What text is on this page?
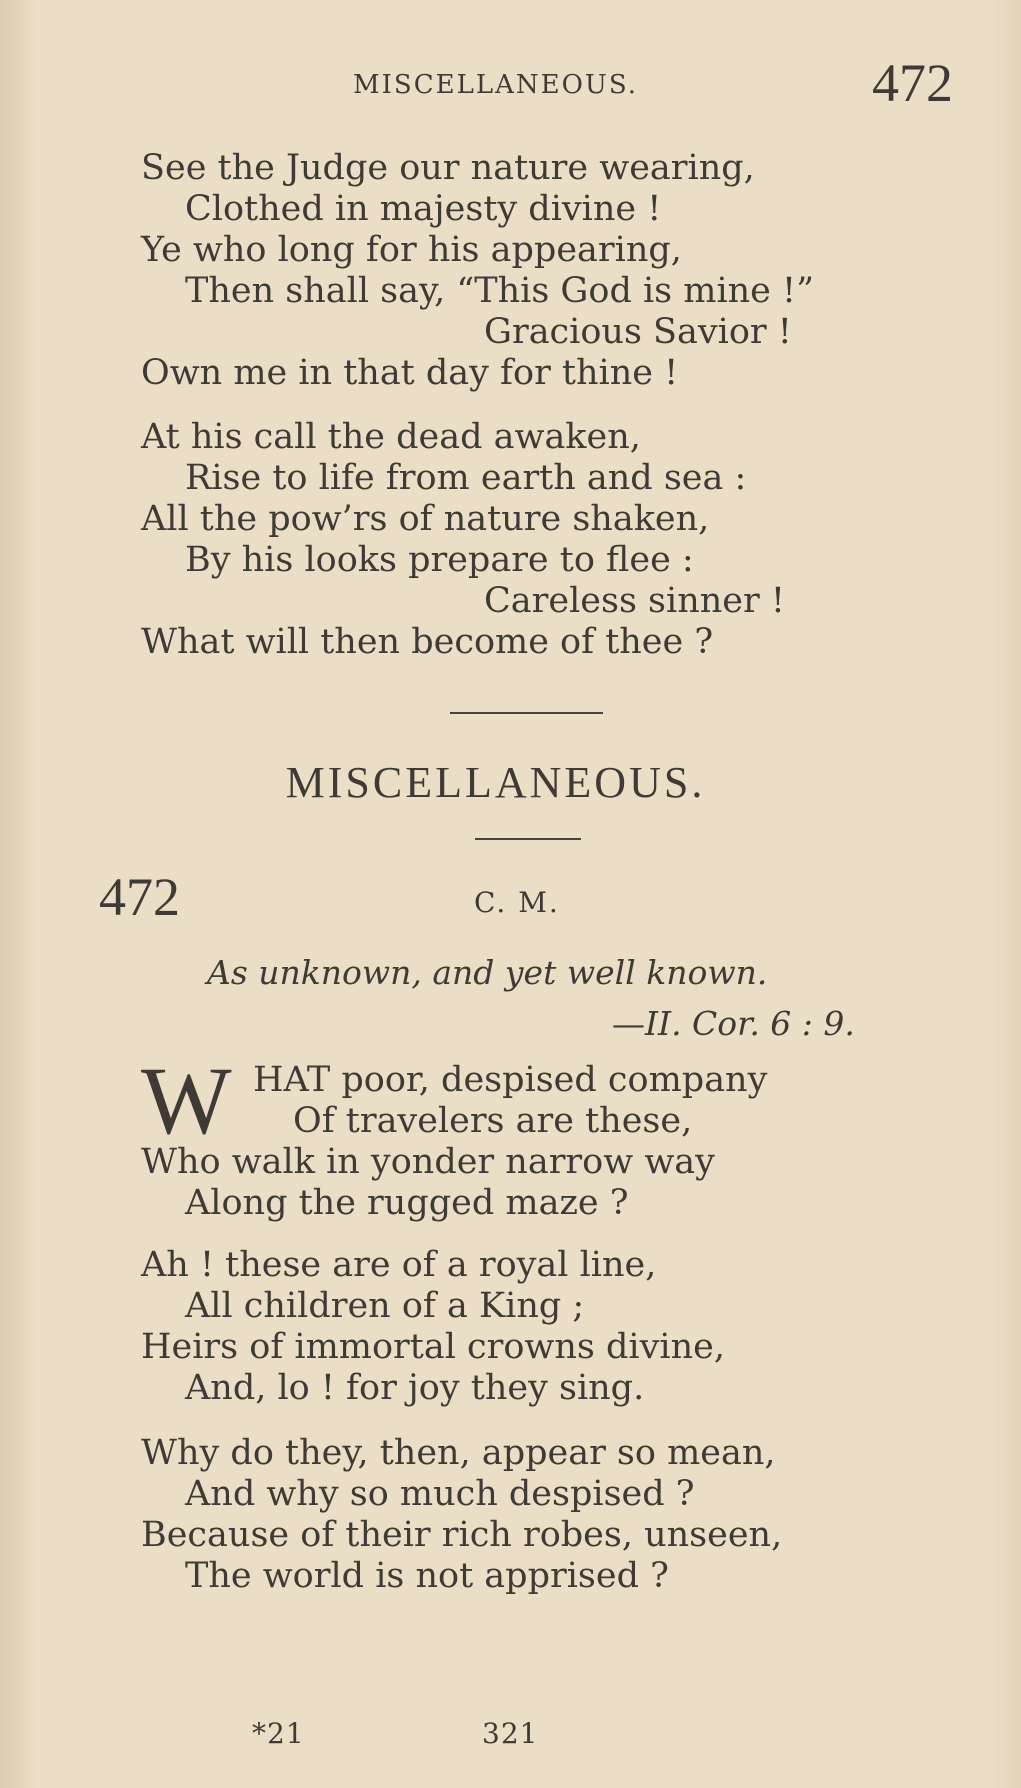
MISCELLANEOUS.	472
See the Judge our nature wearing,
Clothed in majesty divine !
Ye who long for his appearing,
Then shall say, “This God is mine !”
Gracious Savior !
Own me in that day for thine !
At his call the dead awaken,
Rise to life from earth and sea :
All the pow’rs of nature shaken,
By his looks prepare to flee :
Careless sinner !
What will then become of thee ?
MISCELLANEOUS.
472	C. M.
As unknown, and yet well known.
—II. Cor. 6 : 9.
W HAT poor, despised company
Of travelers are these,
Who walk in yonder narrow way
Along the rugged maze ?
Ah ! these are of a royal line,
All children of a King ;
Heirs of immortal crowns divine,
And, lo ! for joy they sing.
Why do they, then, appear so mean,
And why so much despised ?
Because of their rich robes, unseen,
The world is not apprised ?
*21	321
